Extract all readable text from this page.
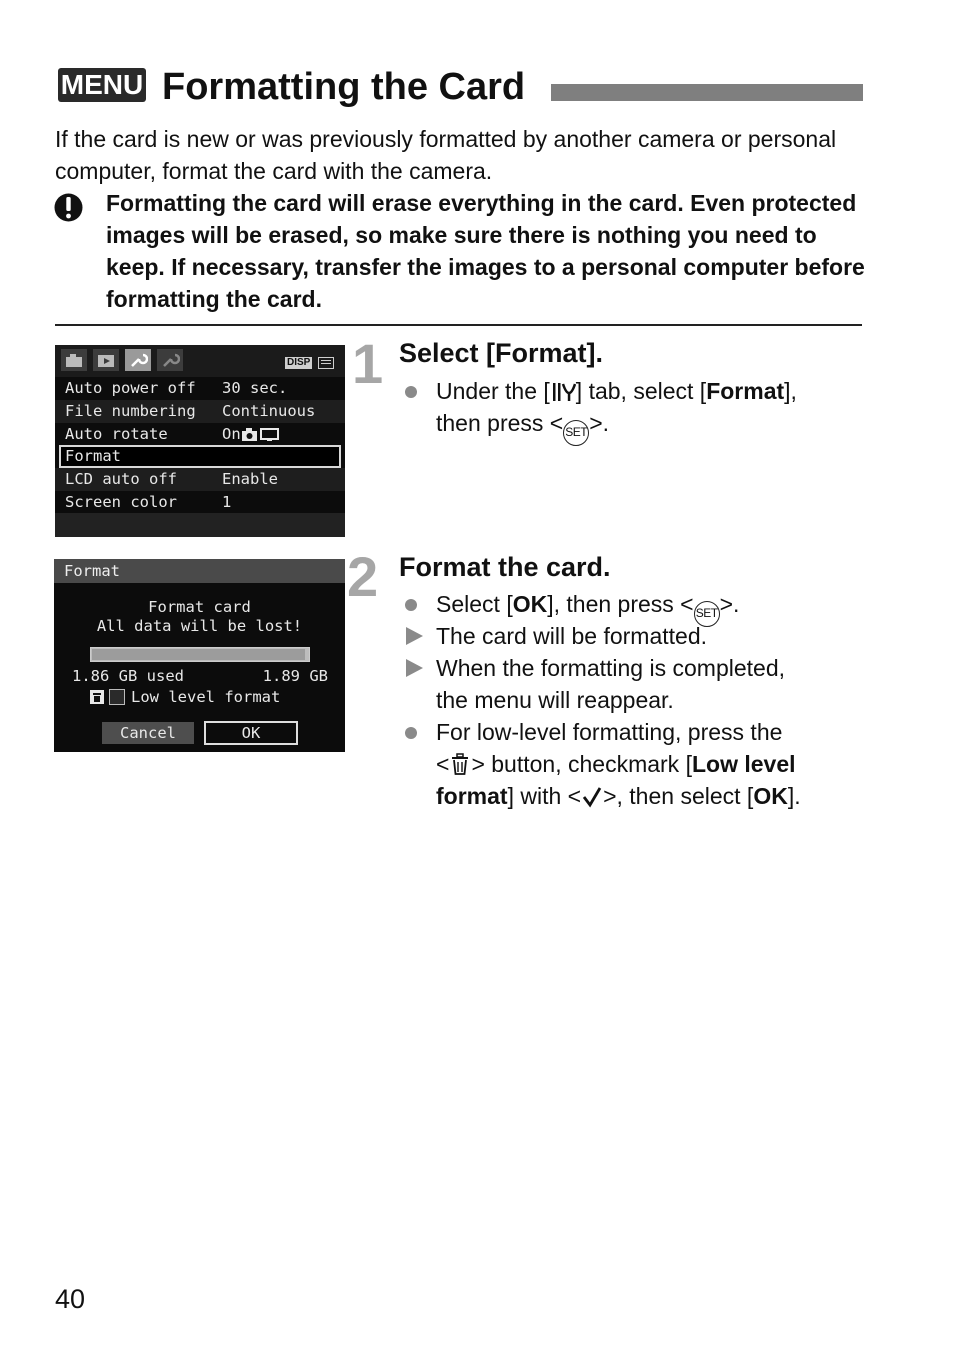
MENU Formatting the Card
If the card is new or was previously formatted by another camera or personal computer, format the card with the camera.
Formatting the card will erase everything in the card. Even protected images will be erased, so make sure there is nothing you need to keep. If necessary, transfer the images to a personal computer before formatting the card.
DISP
Auto power off 30 sec.
File numbering Continuous
Auto rotate	On
Format
LCD auto off	Enable
Screen color	1
Format
Format card
All data will be lost!
1.86 GB used	1.89 GB
Low level format
Cancel	OK
1 Select [Format].
Under the [ ] tab, select [Format],
then press < SET>.
2 Format the card.
Select [OK], then press < SET>.
The card will be formatted.
When the formatting is completed,
the menu will reappear.
For low-level formatting, press the
< > button, checkmark [Low level
format] with < >, then select [OK].
40
